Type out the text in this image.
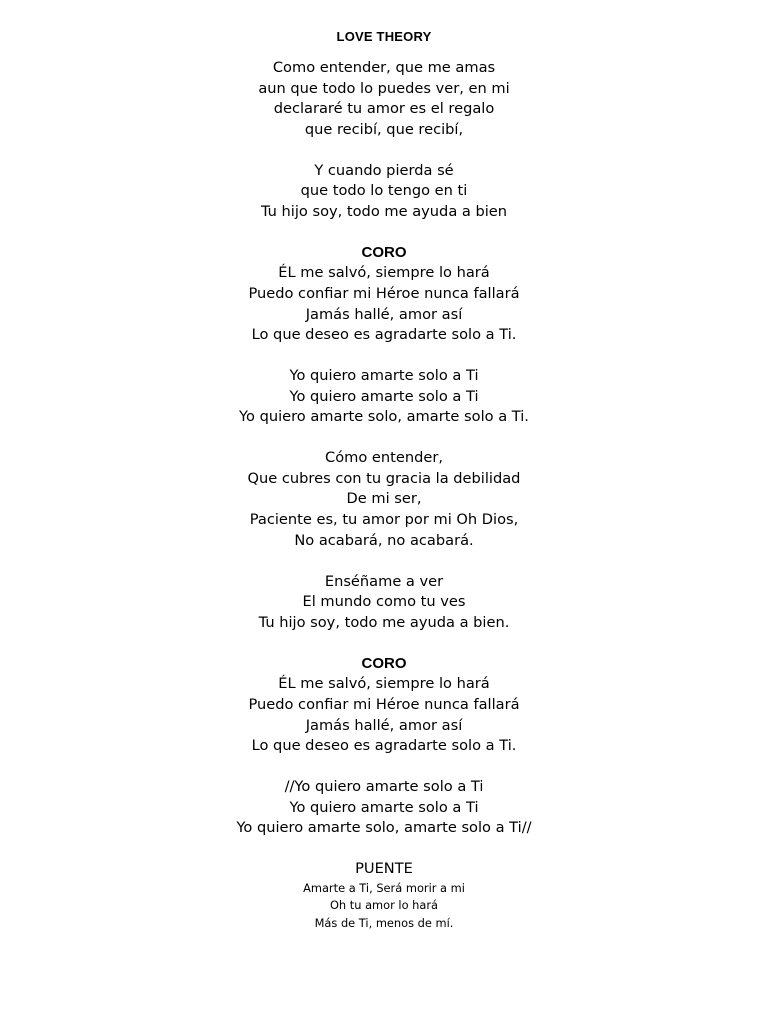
LOVE THEORY
Como entender, que me amas
aun que todo lo puedes ver, en mi
declararé tu amor es el regalo
que recibí, que recibí,
Y cuando pierda sé
que todo lo tengo en ti
Tu hijo soy, todo me ayuda a bien
CORO
ÉL me salvó, siempre lo hará
Puedo confiar mi Héroe nunca fallará
Jamás hallé, amor así
Lo que deseo es agradarte solo a Ti.
Yo quiero amarte solo a Ti
Yo quiero amarte solo a Ti
Yo quiero amarte solo, amarte solo a Ti.
Cómo entender,
Que cubres con tu gracia la debilidad
De mi ser,
Paciente es, tu amor por mi Oh Dios,
No acabará, no acabará.
Enséñame a ver
El mundo como tu ves
Tu hijo soy, todo me ayuda a bien.
CORO
ÉL me salvó, siempre lo hará
Puedo confiar mi Héroe nunca fallará
Jamás hallé, amor así
Lo que deseo es agradarte solo a Ti.
//Yo quiero amarte solo a Ti
Yo quiero amarte solo a Ti
Yo quiero amarte solo, amarte solo a Ti//
PUENTE
Amarte a Ti, Será morir a mi
Oh tu amor lo hará
Más de Ti, menos de mí.
